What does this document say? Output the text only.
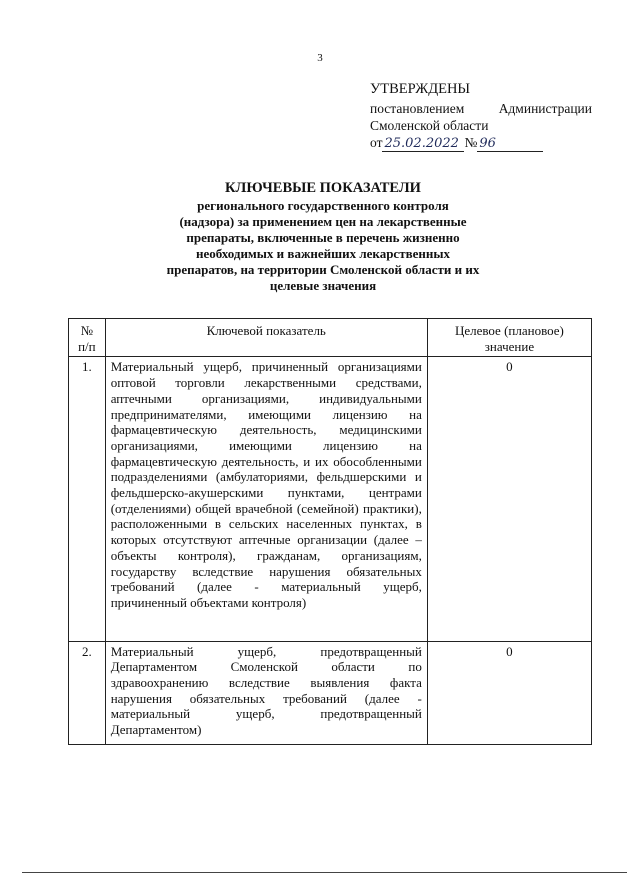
3
УТВЕРЖДЕНЫ
постановлением	Администрации
Смоленской области
от 25.02.2022 № 96
КЛЮЧЕВЫЕ ПОКАЗАТЕЛИ
регионального государственного контроля
(надзора) за применением цен на лекарственные
препараты, включенные в перечень жизненно
необходимых и важнейших лекарственных
препаратов, на территории Смоленской области и их
целевые значения
№ п/п	Ключевой показатель	Целевое (плановое) значение
1.	Материальный ущерб, причиненный организациями оптовой торговли лекарственными средствами, аптечными организациями, индивидуальными предпринимателями, имеющими лицензию на фармацевтическую деятельность, медицинскими организациями, имеющими лицензию на фармацевтическую деятельность, и их обособленными подразделениями (амбулаториями, фельдшерскими и фельдшерско-акушерскими пунктами, центрами (отделениями) общей врачебной (семейной) практики), расположенными в сельских населенных пунктах, в которых отсутствуют аптечные организации (далее – объекты контроля), гражданам, организациям, государству вследствие нарушения обязательных требований (далее - материальный ущерб, причиненный объектами контроля)	0
2.	Материальный ущерб, предотвращенный Департаментом Смоленской области по здравоохранению вследствие выявления факта нарушения обязательных требований (далее - материальный ущерб, предотвращенный Департаментом)	0
